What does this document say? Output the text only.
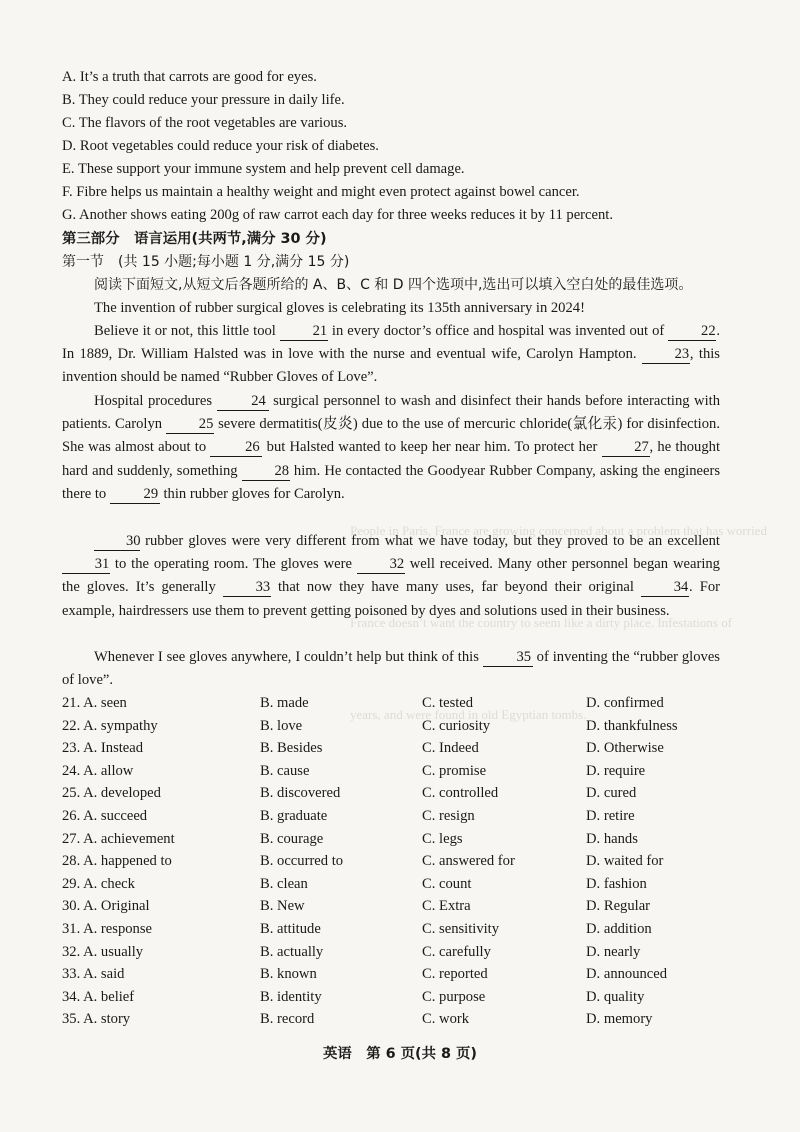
People in Paris, France are growing concerned about a problem that has worried
France doesn’t want the country to seem like a dirty place. Infestations of
years, and were found in old Egyptian tombs.
A. It’s a truth that carrots are good for eyes.
B. They could reduce your pressure in daily life.
C. The flavors of the root vegetables are various.
D. Root vegetables could reduce your risk of diabetes.
E. These support your immune system and help prevent cell damage.
F. Fibre helps us maintain a healthy weight and might even protect against bowel cancer.
G. Another shows eating 200g of raw carrot each day for three weeks reduces it by 11 percent.
第三部分　语言运用(共两节,满分 30 分)
第一节　(共 15 小题;每小题 1 分,满分 15 分)
阅读下面短文,从短文后各题所给的 A、B、C 和 D 四个选项中,选出可以填入空白处的最佳选项。
The invention of rubber surgical gloves is celebrating its 135th anniversary in 2024!
Believe it or not, this little tool	21 in every doctor’s office and hospital was invented out of	22. In 1889, Dr. William Halsted was in love with the nurse and eventual wife, Carolyn Hampton.	23, this invention should be named “Rubber Gloves of Love”.
Hospital procedures	24 surgical personnel to wash and disinfect their hands before interacting with patients. Carolyn	25 severe dermatitis(皮炎) due to the use of mercuric chloride(氯化汞) for disinfection. She was almost about to	26 but Halsted wanted to keep her near him. To protect her	27, he thought hard and suddenly, something	28 him. He contacted the Goodyear Rubber Company, asking the engineers there to	29 thin rubber gloves for Carolyn.
30 rubber gloves were very different from what we have today, but they proved to be an excellent 31 to the operating room. The gloves were	32 well received. Many other personnel began wearing the gloves. It’s generally	33 that now they have many uses, far beyond their original	34. For example, hairdressers use them to prevent getting poisoned by dyes and solutions used in their business.
Whenever I see gloves anywhere, I couldn’t help but think of this	35 of inventing the “rubber gloves of love”.
21. A. seen	B. made	C. tested	D. confirmed
22. A. sympathy	B. love	C. curiosity	D. thankfulness
23. A. Instead	B. Besides	C. Indeed	D. Otherwise
24. A. allow	B. cause	C. promise	D. require
25. A. developed	B. discovered	C. controlled	D. cured
26. A. succeed	B. graduate	C. resign	D. retire
27. A. achievement	B. courage	C. legs	D. hands
28. A. happened to	B. occurred to	C. answered for	D. waited for
29. A. check	B. clean	C. count	D. fashion
30. A. Original	B. New	C. Extra	D. Regular
31. A. response	B. attitude	C. sensitivity	D. addition
32. A. usually	B. actually	C. carefully	D. nearly
33. A. said	B. known	C. reported	D. announced
34. A. belief	B. identity	C. purpose	D. quality
35. A. story	B. record	C. work	D. memory
英语　第 6 页(共 8 页)
